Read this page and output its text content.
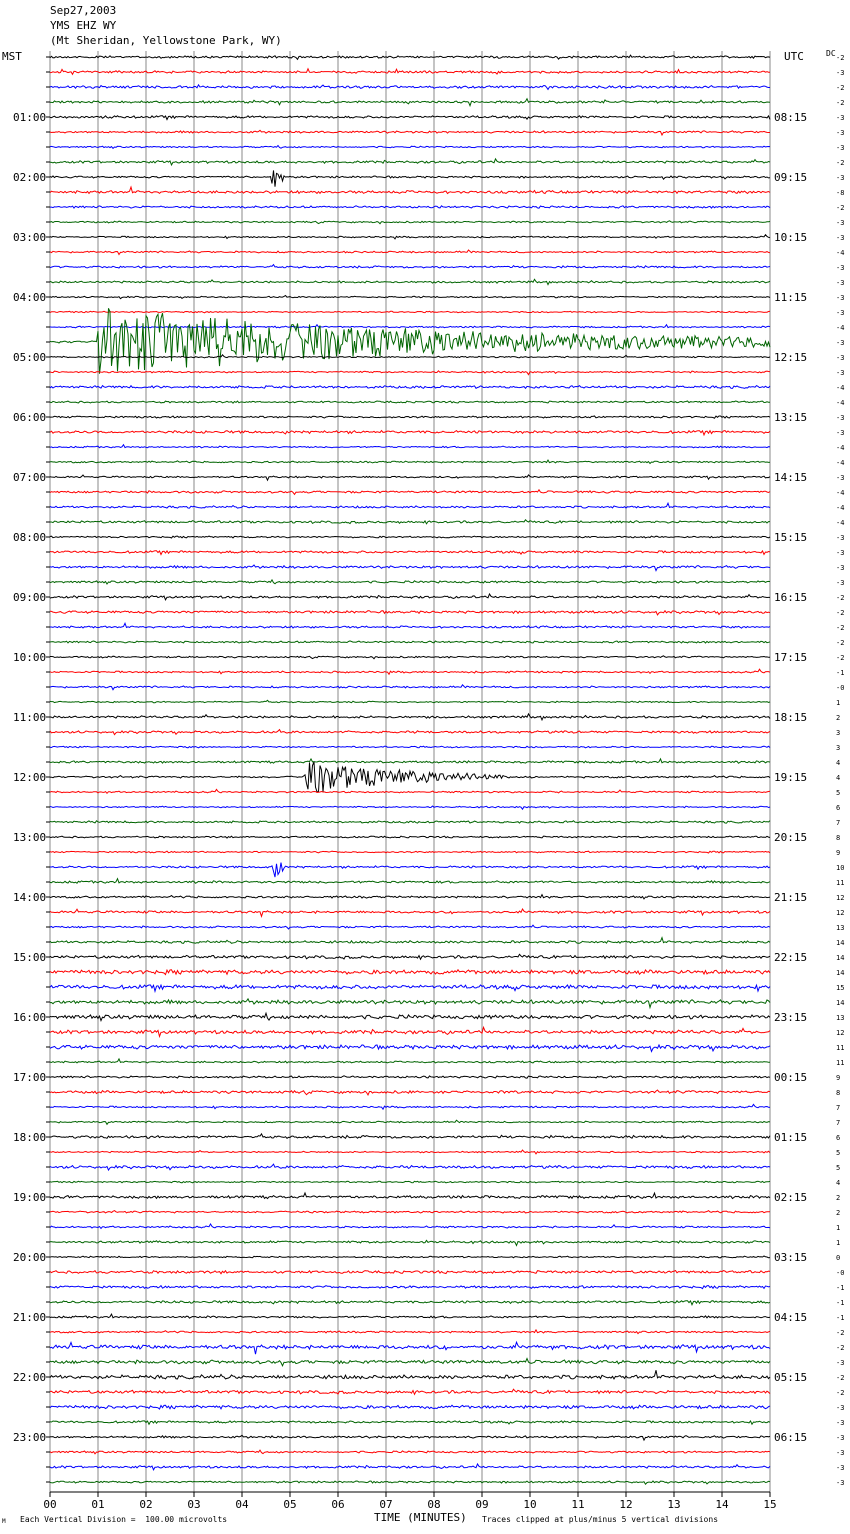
Sep27,2003
YMS EHZ WY
(Mt Sheridan, Yellowstone Park, WY)
MST	UTC	DC -2
-3
-2
-2
-3
-3
-3
-2
-3
-8
-2
-3
-3
-4
-3
-3
-3
-3
-4
-3
-3
-3
-4
-4
-3
-3
-4
-4
-3
-4
-4
-4
-3
-3
-3
-3
-2
-2
-2
-2
-2
-1
-0
1
2
3
3
4
4
5
6
7
8
9
10
11
12
12
13
14
14
14
15
14
13
12
11
11
9
8
7
7
6
5
5
4
2
2
1
1
0
-0
-1
-1
-1
-2
-2
-3
-2
-2
-3
-3
-3
-3
-3
-3
01:00	08:15
02:00	09:15
03:00	10:15
04:00	11:15
05:00	12:15
06:00	13:15
07:00	14:15
08:00	15:15
09:00	16:15
10:00	17:15
11:00	18:15
12:00	19:15
13:00	20:15
14:00	21:15
15:00	22:15
16:00	23:15
17:00	00:15
18:00	01:15
19:00	02:15
20:00	03:15
21:00	04:15
22:00	05:15
23:00	06:15
00	01	02	03	04	05	06	07	08	09	10	11	12	13	14	15
M Each Vertical Division =  100.00 microvolts	TIME (MINUTES) Traces clipped at plus/minus 5 vertical divisions
